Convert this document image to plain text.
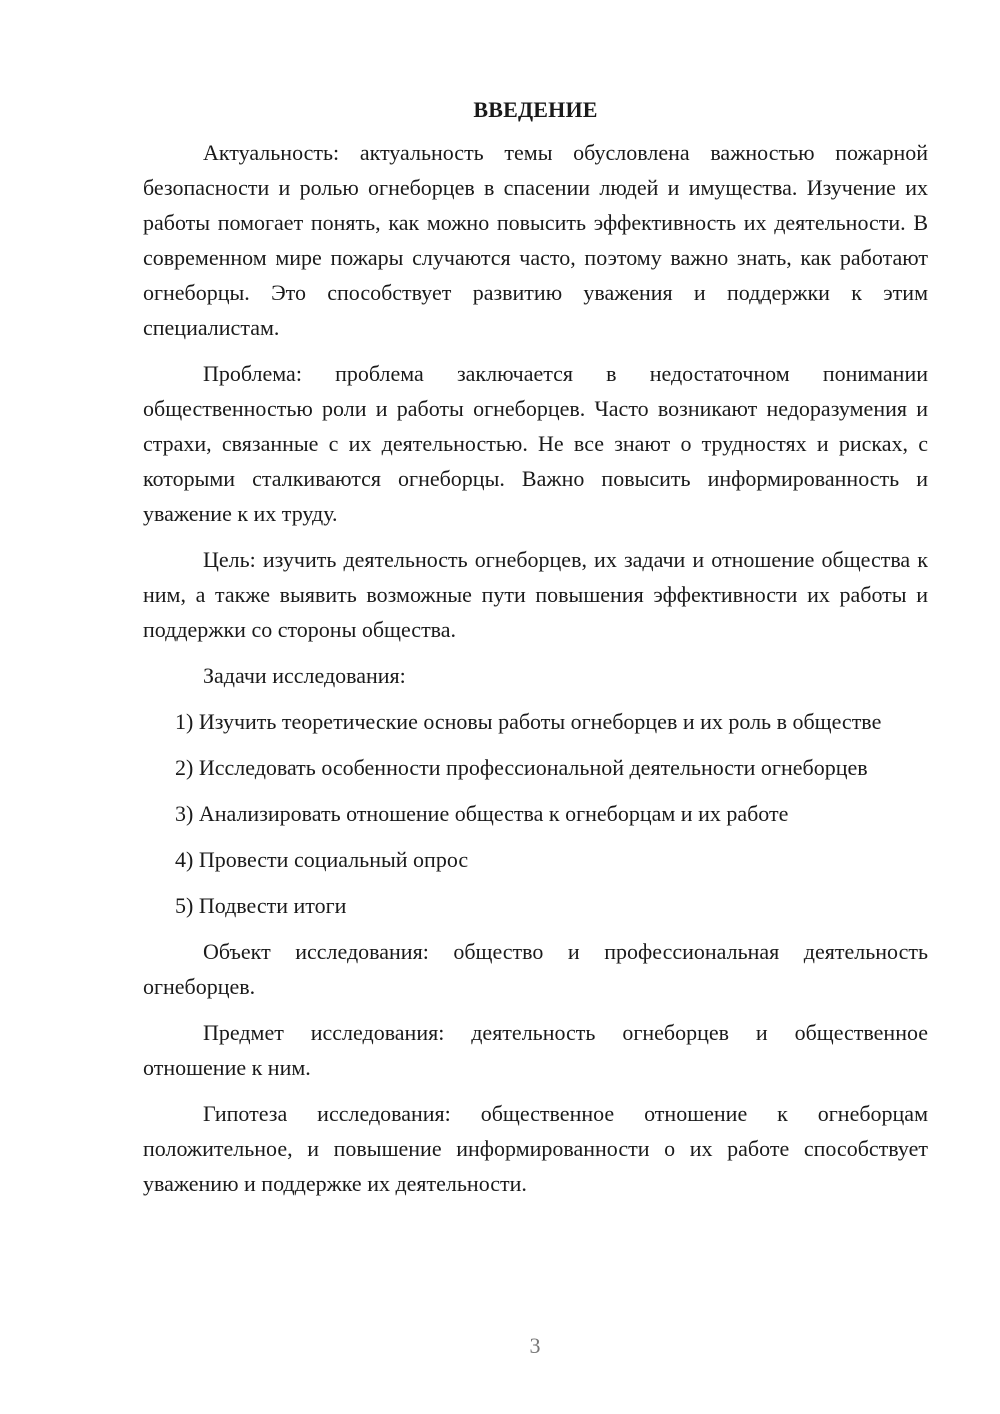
ВВЕДЕНИЕ

Актуальность: актуальность темы обусловлена важностью пожарной безопасности и ролью огнеборцев в спасении людей и имущества. Изучение их работы помогает понять, как можно повысить эффективность их деятельности. В современном мире пожары случаются часто, поэтому важно знать, как работают огнеборцы. Это способствует развитию уважения и поддержки к этим специалистам.

Проблема: проблема заключается в недостаточном понимании общественностью роли и работы огнеборцев. Часто возникают недоразумения и страхи, связанные с их деятельностью. Не все знают о трудностях и рисках, с которыми сталкиваются огнеборцы. Важно повысить информированность и уважение к их труду.

Цель: изучить деятельность огнеборцев, их задачи и отношение общества к ним, а также выявить возможные пути повышения эффективности их работы и поддержки со стороны общества.

Задачи исследования:

1) Изучить теоретические основы работы огнеборцев и их роль в обществе

2) Исследовать особенности профессиональной деятельности огнеборцев

3) Анализировать отношение общества к огнеборцам и их работе

4) Провести социальный опрос

5) Подвести итоги

Объект исследования: общество и профессиональная деятельность огнеборцев.

Предмет исследования: деятельность огнеборцев и общественное отношение к ним.

Гипотеза исследования: общественное отношение к огнеборцам положительное, и повышение информированности о их работе способствует уважению и поддержке их деятельности.

3
